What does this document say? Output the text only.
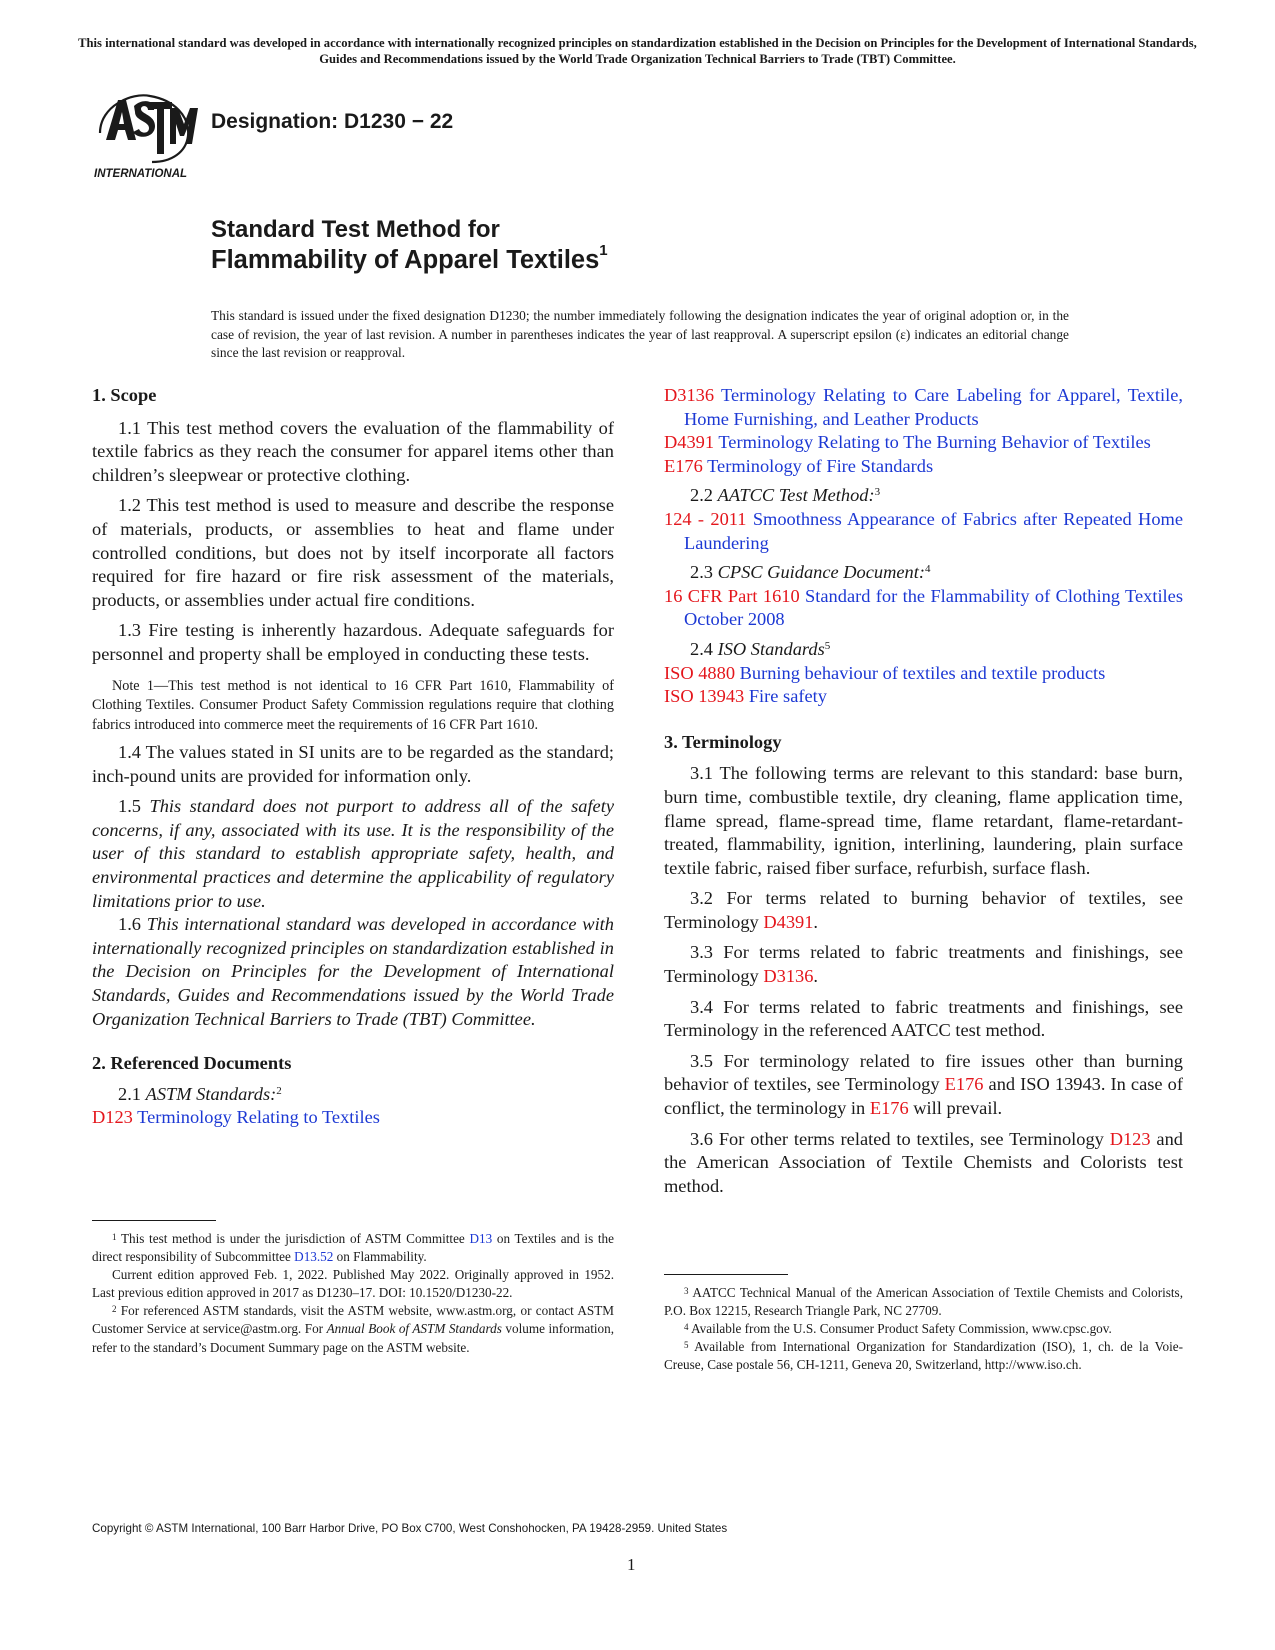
This international standard was developed in accordance with internationally recognized principles on standardization established in the Decision on Principles for the Development of International Standards, Guides and Recommendations issued by the World Trade Organization Technical Barriers to Trade (TBT) Committee.
INTERNATIONAL
Designation: D1230 − 22
Standard Test Method for
Flammability of Apparel Textiles$^1$
This standard is issued under the fixed designation D1230; the number immediately following the designation indicates the year of original adoption or, in the case of revision, the year of last revision. A number in parentheses indicates the year of last reapproval. A superscript epsilon (ε) indicates an editorial change since the last revision or reapproval.
1. Scope

1.1 This test method covers the evaluation of the flammability of textile fabrics as they reach the consumer for apparel items other than children’s sleepwear or protective clothing.

1.2 This test method is used to measure and describe the response of materials, products, or assemblies to heat and flame under controlled conditions, but does not by itself incorporate all factors required for fire hazard or fire risk assessment of the materials, products, or assemblies under actual fire conditions.

1.3 Fire testing is inherently hazardous. Adequate safeguards for personnel and property shall be employed in conducting these tests.

Note 1—This test method is not identical to 16 CFR Part 1610, Flammability of Clothing Textiles. Consumer Product Safety Commission regulations require that clothing fabrics introduced into commerce meet the requirements of 16 CFR Part 1610.

1.4 The values stated in SI units are to be regarded as the standard; inch-pound units are provided for information only.

1.5 This standard does not purport to address all of the safety concerns, if any, associated with its use. It is the responsibility of the user of this standard to establish appropriate safety, health, and environmental practices and determine the applicability of regulatory limitations prior to use.

1.6 This international standard was developed in accordance with internationally recognized principles on standardization established in the Decision on Principles for the Development of International Standards, Guides and Recommendations issued by the World Trade Organization Technical Barriers to Trade (TBT) Committee.

2. Referenced Documents

2.1 ASTM Standards:$^2$

D123 Terminology Relating to Textiles

$^1$ This test method is under the jurisdiction of ASTM Committee D13 on Textiles and is the direct responsibility of Subcommittee D13.52 on Flammability.

Current edition approved Feb. 1, 2022. Published May 2022. Originally approved in 1952. Last previous edition approved in 2017 as D1230–17. DOI: 10.1520/D1230-22.

$^2$ For referenced ASTM standards, visit the ASTM website, www.astm.org, or contact ASTM Customer Service at service@astm.org. For Annual Book of ASTM Standards volume information, refer to the standard’s Document Summary page on the ASTM website.

D3136 Terminology Relating to Care Labeling for Apparel, Textile, Home Furnishing, and Leather Products

D4391 Terminology Relating to The Burning Behavior of Textiles

E176 Terminology of Fire Standards

2.2 AATCC Test Method:$^3$

124 - 2011 Smoothness Appearance of Fabrics after Repeated Home Laundering

2.3 CPSC Guidance Document:$^4$

16 CFR Part 1610 Standard for the Flammability of Clothing Textiles October 2008

2.4 ISO Standards$^5$

ISO 4880 Burning behaviour of textiles and textile products

ISO 13943 Fire safety

3. Terminology

3.1 The following terms are relevant to this standard: base burn, burn time, combustible textile, dry cleaning, flame application time, flame spread, flame-spread time, flame retardant, flame-retardant-treated, flammability, ignition, interlining, laundering, plain surface textile fabric, raised fiber surface, refurbish, surface flash.

3.2 For terms related to burning behavior of textiles, see Terminology D4391.

3.3 For terms related to fabric treatments and finishings, see Terminology D3136.

3.4 For terms related to fabric treatments and finishings, see Terminology in the referenced AATCC test method.

3.5 For terminology related to fire issues other than burning behavior of textiles, see Terminology E176 and ISO 13943. In case of conflict, the terminology in E176 will prevail.

3.6 For other terms related to textiles, see Terminology D123 and the American Association of Textile Chemists and Colorists test method.

$^3$ AATCC Technical Manual of the American Association of Textile Chemists and Colorists, P.O. Box 12215, Research Triangle Park, NC 27709.

$^4$ Available from the U.S. Consumer Product Safety Commission, www.cpsc.gov.

$^5$ Available from International Organization for Standardization (ISO), 1, ch. de la Voie-Creuse, Case postale 56, CH-1211, Geneva 20, Switzerland, http://www.iso.ch.

Copyright © ASTM International, 100 Barr Harbor Drive, PO Box C700, West Conshohocken, PA 19428-2959. United States
1
